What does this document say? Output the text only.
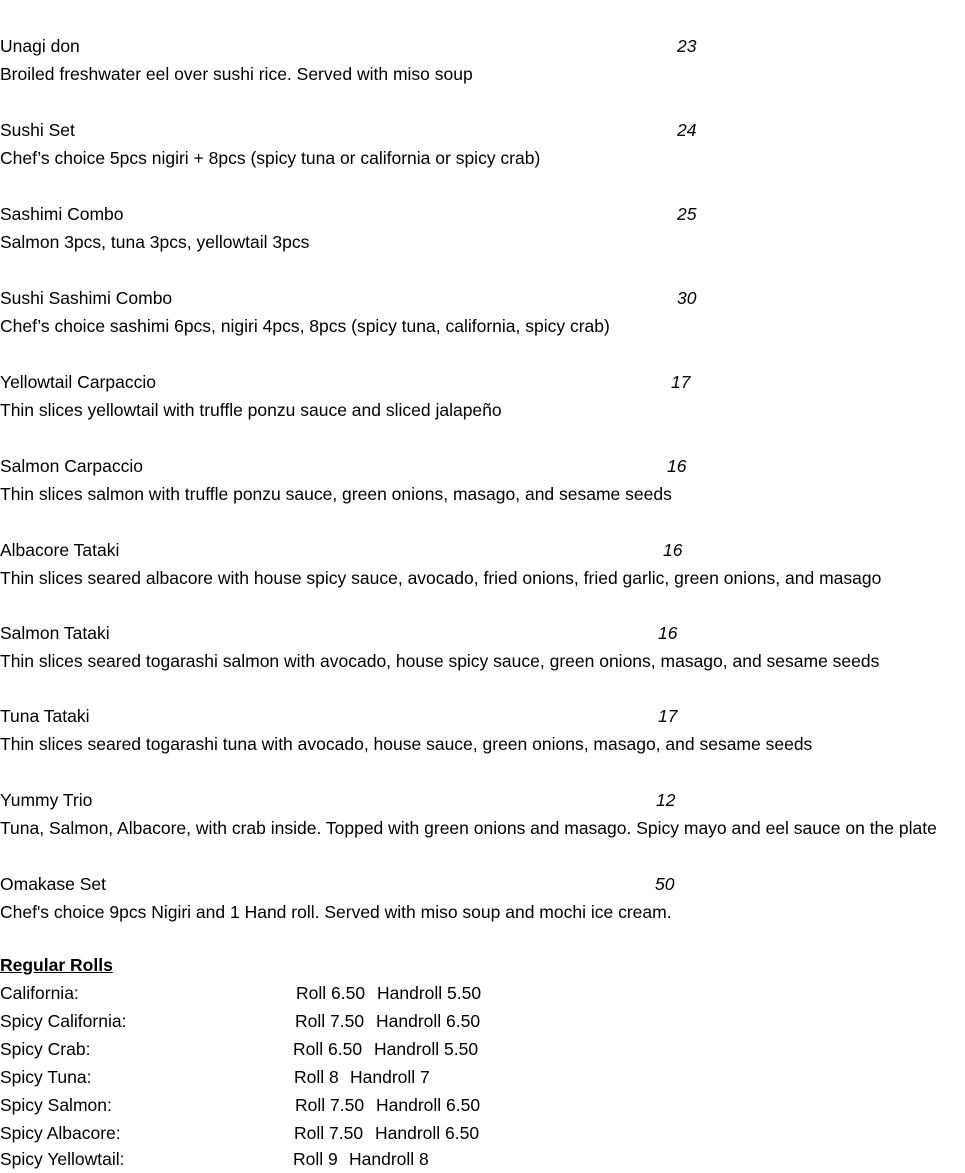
Unagi don	23
Broiled freshwater eel over sushi rice. Served with miso soup
Sushi Set	24
Chef’s choice 5pcs nigiri + 8pcs (spicy tuna or california or spicy crab)
Sashimi Combo	25
Salmon 3pcs, tuna 3pcs, yellowtail 3pcs
Sushi Sashimi Combo	30
Chef’s choice sashimi 6pcs, nigiri 4pcs, 8pcs (spicy tuna, california, spicy crab)
Yellowtail Carpaccio	17
Thin slices yellowtail with truffle ponzu sauce and sliced jalapeño
Salmon Carpaccio	16
Thin slices salmon with truffle ponzu sauce, green onions, masago, and sesame seeds
Albacore Tataki	16
Thin slices seared albacore with house spicy sauce, avocado, fried onions, fried garlic, green onions, and masago
Salmon Tataki	16
Thin slices seared togarashi salmon with avocado, house spicy sauce, green onions, masago, and sesame seeds
Tuna Tataki	17
Thin slices seared togarashi tuna with avocado, house sauce, green onions, masago, and sesame seeds
Yummy Trio	12
Tuna, Salmon, Albacore, with crab inside. Topped with green onions and masago. Spicy mayo and eel sauce on the plate
Omakase Set	50
Chef's choice 9pcs Nigiri and 1 Hand roll. Served with miso soup and mochi ice cream.
Regular Rolls
California:	Roll 6.50 Handroll 5.50
Spicy California:	Roll 7.50 Handroll 6.50
Spicy Crab:	Roll 6.50 Handroll 5.50
Spicy Tuna:	Roll 8 Handroll 7
Spicy Salmon:	Roll 7.50 Handroll 6.50
Spicy Albacore:	Roll 7.50 Handroll 6.50
Spicy Yellowtail:	Roll 9 Handroll 8
